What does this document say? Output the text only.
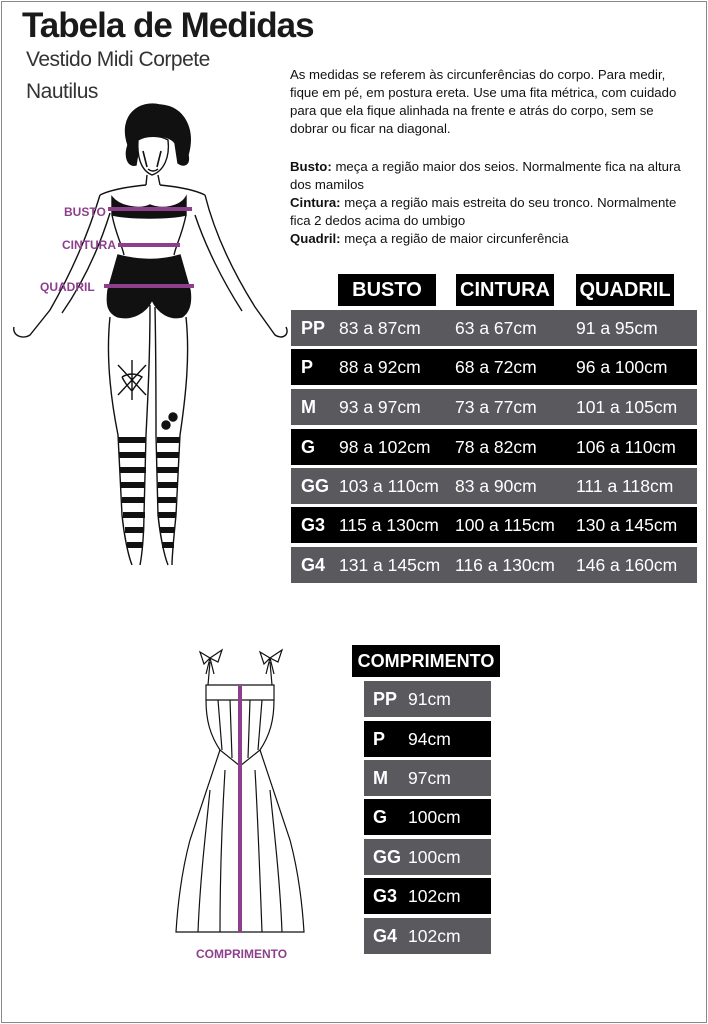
Tabela de Medidas
Vestido Midi Corpete
Nautilus
As medidas se referem às circunferências do corpo. Para medir, fique em pé, em postura ereta. Use uma fita métrica, com cuidado para que ela fique alinhada na frente e atrás do corpo, sem se dobrar ou ficar na diagonal.

Busto: meça a região maior dos seios. Normalmente fica na altura dos mamilos

Cintura: meça a região mais estreita do seu tronco. Normalmente fica 2 dedos acima do umbigo

Quadril: meça a região de maior circunferência

BUSTO
CINTURA
QUADRIL	BUSTO	CINTURA QUADRIL
PP 83 a 87cm 63 a 67cm 91 a 95cm
P 88 a 92cm 68 a 72cm 96 a 100cm
M 93 a 97cm 73 a 77cm 101 a 105cm
G 98 a 102cm 78 a 82cm 106 a 110cm
GG 103 a 110cm 83 a 90cm 111 a 118cm
G3 115 a 130cm 100 a 115cm 130 a 145cm
G4 131 a 145cm 116 a 130cm 146 a 160cm
COMPRIMENTO
COMPRIMENTO
PP 91cm
P 94cm
M 97cm
G 100cm
GG 100cm
G3 102cm
G4 102cm
